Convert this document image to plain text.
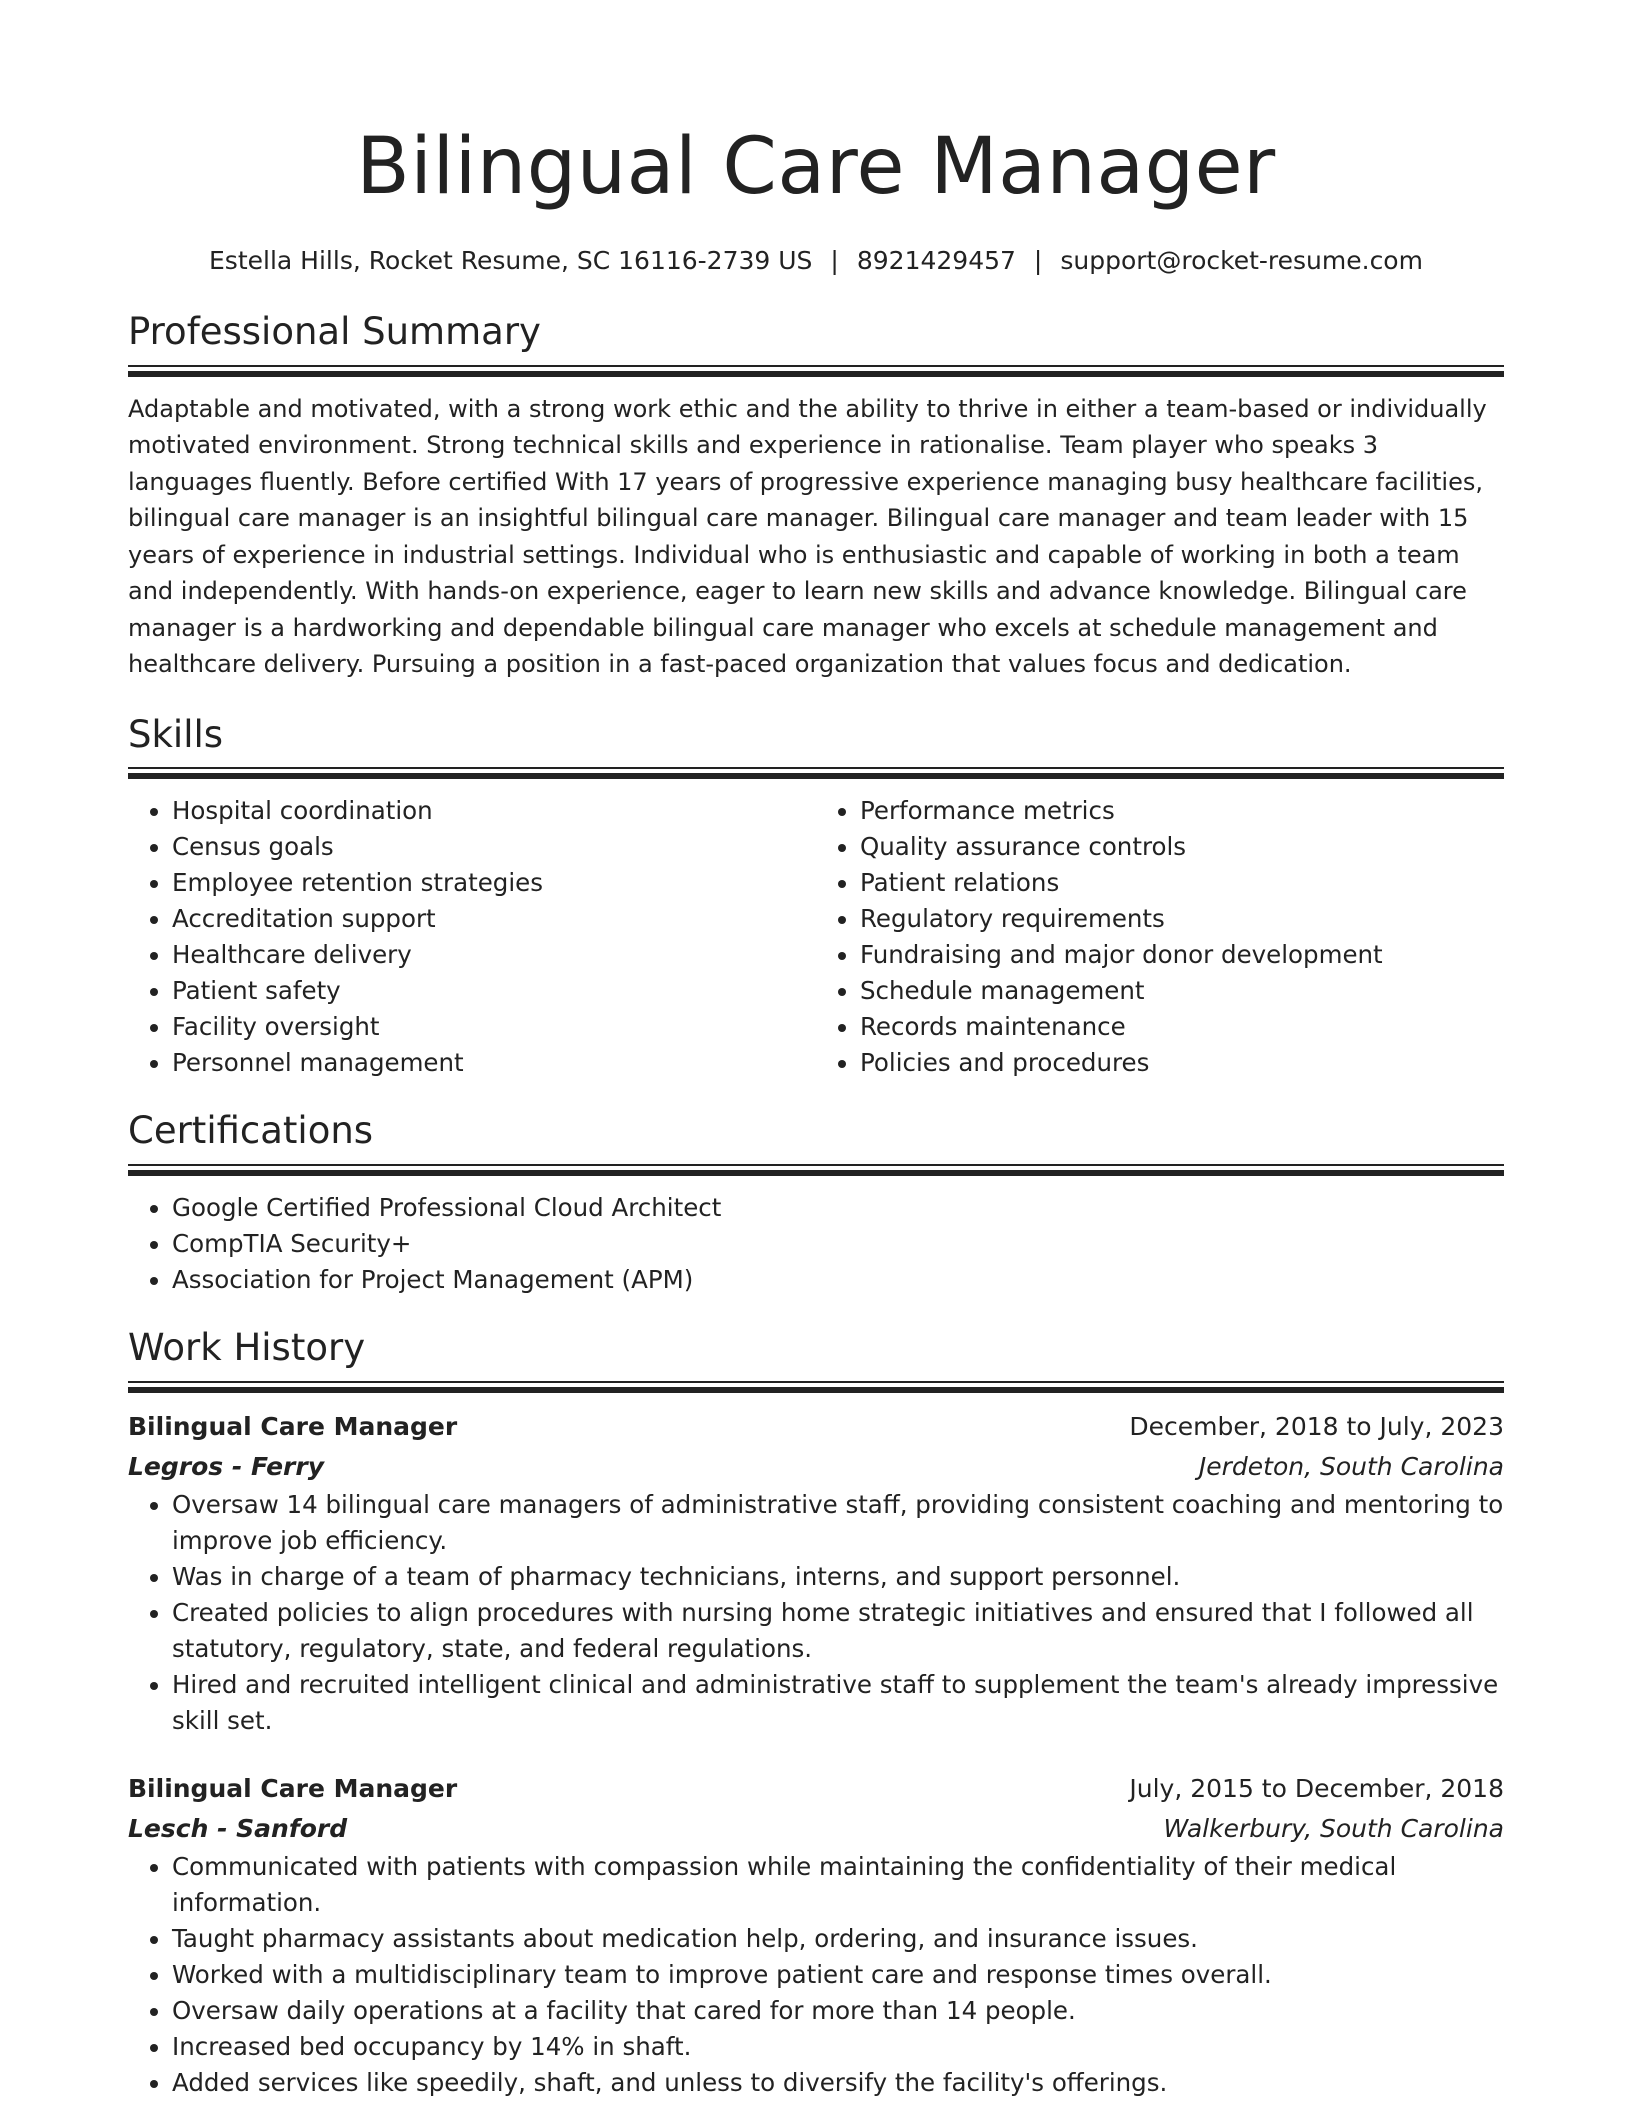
Bilingual Care Manager
Estella Hills, Rocket Resume, SC 16116-2739 US | 8921429457 | support@rocket-resume.com
Professional Summary

Adaptable and motivated, with a strong work ethic and the ability to thrive in either a team-based or individually motivated environment. Strong technical skills and experience in rationalise. Team player who speaks 3 languages fluently. Before certified With 17 years of progressive experience managing busy healthcare facilities, bilingual care manager is an insightful bilingual care manager. Bilingual care manager and team leader with 15 years of experience in industrial settings. Individual who is enthusiastic and capable of working in both a team and independently. With hands-on experience, eager to learn new skills and advance knowledge. Bilingual care manager is a hardworking and dependable bilingual care manager who excels at schedule management and healthcare delivery. Pursuing a position in a fast-paced organization that values focus and dedication.

Skills
• Hospital coordination
• Census goals
• Employee retention strategies
• Accreditation support
• Healthcare delivery
• Patient safety
• Facility oversight
• Personnel management
• Performance metrics
• Quality assurance controls
• Patient relations
• Regulatory requirements
• Fundraising and major donor development
• Schedule management
• Records maintenance
• Policies and procedures
Certifications
• Google Certified Professional Cloud Architect
• CompTIA Security+
• Association for Project Management (APM)
Work History
Bilingual Care Manager	December, 2018 to July, 2023
Legros - Ferry	Jerdeton, South Carolina
• Oversaw 14 bilingual care managers of administrative staff, providing consistent coaching and mentoring to improve job efficiency.
• Was in charge of a team of pharmacy technicians, interns, and support personnel.
• Created policies to align procedures with nursing home strategic initiatives and ensured that I followed all statutory, regulatory, state, and federal regulations.
• Hired and recruited intelligent clinical and administrative staff to supplement the team's already impressive skill set.
Bilingual Care Manager	July, 2015 to December, 2018
Lesch - Sanford	Walkerbury, South Carolina
• Communicated with patients with compassion while maintaining the confidentiality of their medical information.
• Taught pharmacy assistants about medication help, ordering, and insurance issues.
• Worked with a multidisciplinary team to improve patient care and response times overall.
• Oversaw daily operations at a facility that cared for more than 14 people.
• Increased bed occupancy by 14% in shaft.
• Added services like speedily, shaft, and unless to diversify the facility's offerings.
